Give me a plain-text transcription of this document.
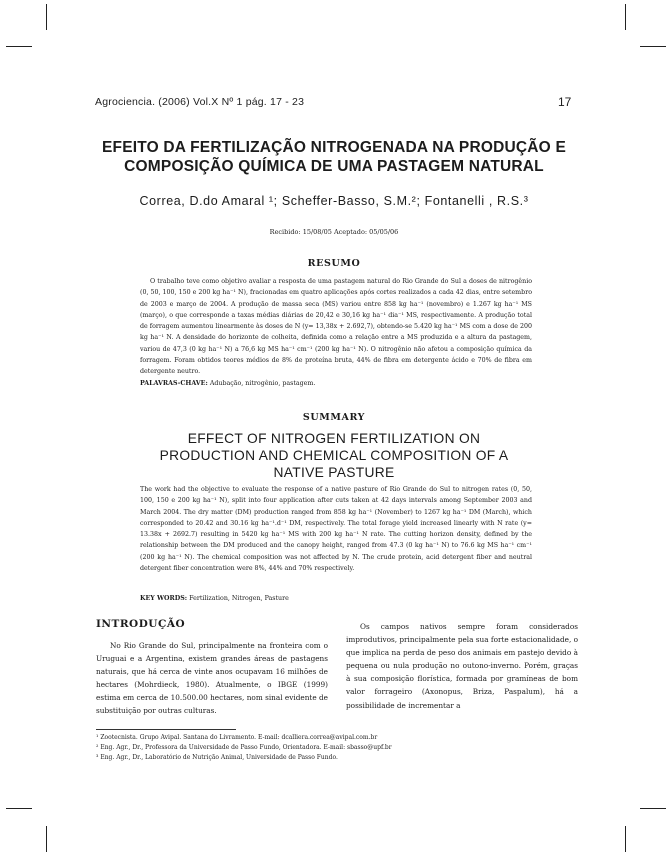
Agrociencia. (2006) Vol.X Nº 1 pág. 17 - 23	17
EFEITO DA FERTILIZAÇÃO NITROGENADA NA PRODUÇÃO E
COMPOSIÇÃO QUÍMICA DE UMA PASTAGEM NATURAL
Correa, D.do Amaral ¹; Scheffer-Basso, S.M.²; Fontanelli , R.S.³
Recibido: 15/08/05 Aceptado: 05/05/06
RESUMO
O trabalho teve como objetivo avaliar a resposta de uma pastagem natural do Rio Grande do Sul a doses de nitrogênio (0, 50, 100, 150 e 200 kg ha⁻¹ N), fracionadas em quatro aplicações após cortes realizados a cada 42 dias, entre setembro de 2003 e março de 2004. A produção de massa seca (MS) variou entre 858 kg ha⁻¹ (novembro) e 1.267 kg ha⁻¹ MS (março), o que corresponde a taxas médias diárias de 20,42 e 30,16 kg ha⁻¹ dia⁻¹ MS, respectivamente. A produção total de forragem aumentou linearmente às doses de N (y= 13,38x + 2.692,7), obtendo-se 5.420 kg ha⁻¹ MS com a dose de 200 kg ha⁻¹ N. A densidade do horizonte de colheita, definida como a relação entre a MS produzida e a altura da pastagem, variou de 47,3 (0 kg ha⁻¹ N) a 76,6 kg MS ha⁻¹ cm⁻¹ (200 kg ha⁻¹ N). O nitrogênio não afetou a composição química da forragem. Foram obtidos teores médios de 8% de proteína bruta, 44% de fibra em detergente ácido e 70% de fibra em detergente neutro.
PALAVRAS-CHAVE: Adubação, nitrogênio, pastagem.
SUMMARY
EFFECT OF NITROGEN FERTILIZATION ON
PRODUCTION AND CHEMICAL COMPOSITION OF A
NATIVE PASTURE
The work had the objective to evaluate the response of a native pasture of Rio Grande do Sul to nitrogen rates (0, 50, 100, 150 e 200 kg ha⁻¹ N), split into four application after cuts taken at 42 days intervals among September 2003 and March 2004. The dry matter (DM) production ranged from 858 kg ha⁻¹ (November) to 1267 kg ha⁻¹ DM (March), which corresponded to 20.42 and 30.16 kg ha⁻¹.d⁻¹ DM, respectively. The total forage yield increased linearly with N rate (y= 13.38x + 2692.7) resulting in 5420 kg ha⁻¹ MS with 200 kg ha⁻¹ N rate. The cutting horizon density, defined by the relationship between the DM produced and the canopy height, ranged from 47.3 (0 kg ha⁻¹ N) to 76.6 kg MS ha⁻¹ cm⁻¹ (200 kg ha⁻¹ N). The chemical composition was not affected by N. The crude protein, acid detergent fiber and neutral detergent fiber concentration were 8%, 44% and 70% respectively.
KEY WORDS: Fertilization, Nitrogen, Pasture
INTRODUÇÃO
No Rio Grande do Sul, principalmente na fronteira com o Uruguai e a Argentina, existem grandes áreas de pastagens naturais, que há cerca de vinte anos ocupavam 16 milhões de hectares (Mohrdieck, 1980). Atualmente, o IBGE (1999) estima em cerca de 10.500.00 hectares, nom sinal evidente de substituição por outras culturas.
Os campos nativos sempre foram considerados improdutivos, principalmente pela sua forte estacionalidade, o que implica na perda de peso dos animais em pastejo devido à pequena ou nula produção no outono-inverno. Porém, graças à sua composição florística, formada por gramíneas de bom valor forrageiro (Axonopus, Briza, Paspalum), há a possibilidade de incrementar a
¹ Zootecnista. Grupo Avipal. Santana do Livramento. E-mail: dcalliera.correa@avipal.com.br
² Eng. Agr., Dr., Professora da Universidade de Passo Fundo, Orientadora. E-mail: sbasso@upf.br
³ Eng. Agr., Dr., Laboratório de Nutrição Animal, Universidade de Passo Fundo.
